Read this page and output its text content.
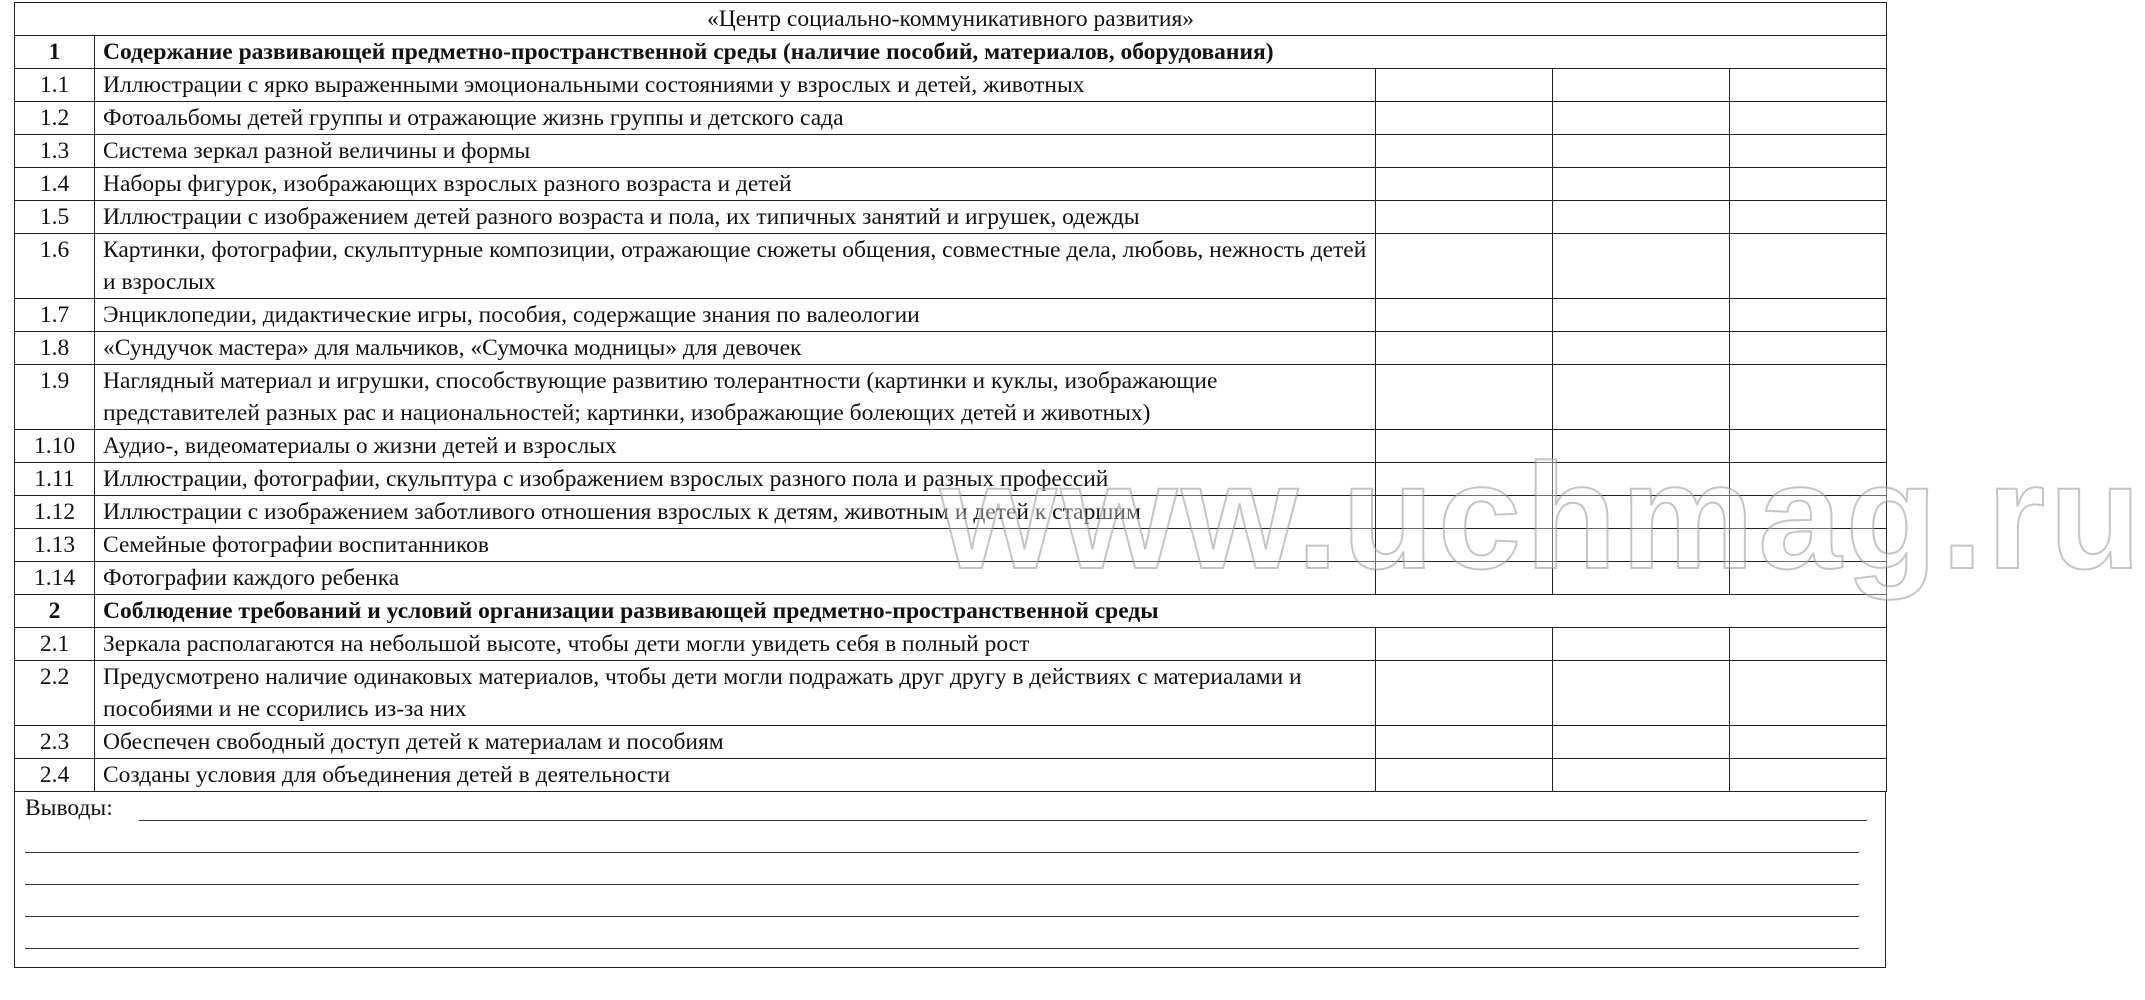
«Центр социально-коммуникативного развития»				
1	Содержание развивающей предметно-пространственной среды (наличие пособий, материалов, оборудования)			
1.1	Иллюстрации с ярко выраженными эмоциональными состояниями у взрослых и детей, животных			
1.2	Фотоальбомы детей группы и отражающие жизнь группы и детского сада			
1.3	Система зеркал разной величины и формы			
1.4	Наборы фигурок, изображающих взрослых разного возраста и детей			
1.5	Иллюстрации с изображением детей разного возраста и пола, их типичных занятий и игрушек, одежды			
1.6	Картинки, фотографии, скульптурные композиции, отражающие сюжеты общения, совместные дела, любовь, нежность детей и взрослых			
1.7	Энциклопедии, дидактические игры, пособия, содержащие знания по валеологии			
1.8	«Сундучок мастера» для мальчиков, «Сумочка модницы» для девочек			
1.9	Наглядный материал и игрушки, способствующие развитию толерантности (картинки и куклы, изображающие представителей разных рас и национальностей; картинки, изображающие болеющих детей и животных)			
1.10	Аудио-, видеоматериалы о жизни детей и взрослых			
1.11	Иллюстрации, фотографии, скульптура с изображением взрослых разного пола и разных профессий			
1.12	Иллюстрации с изображением заботливого отношения взрослых к детям, животным и детей к старшим			
1.13	Семейные фотографии воспитанников			
1.14	Фотографии каждого ребенка			
2	Соблюдение требований и условий организации развивающей предметно-пространственной среды			
2.1	Зеркала располагаются на небольшой высоте, чтобы дети могли увидеть себя в полный рост			
2.2	Предусмотрено наличие одинаковых материалов, чтобы дети могли подражать друг другу в действиях с материалами и пособиями и не ссорились из-за них			
2.3	Обеспечен свободный доступ детей к материалам и пособиям			
2.4	Созданы условия для объединения детей в деятельности			
Выводы:
www.uchmag.ru
